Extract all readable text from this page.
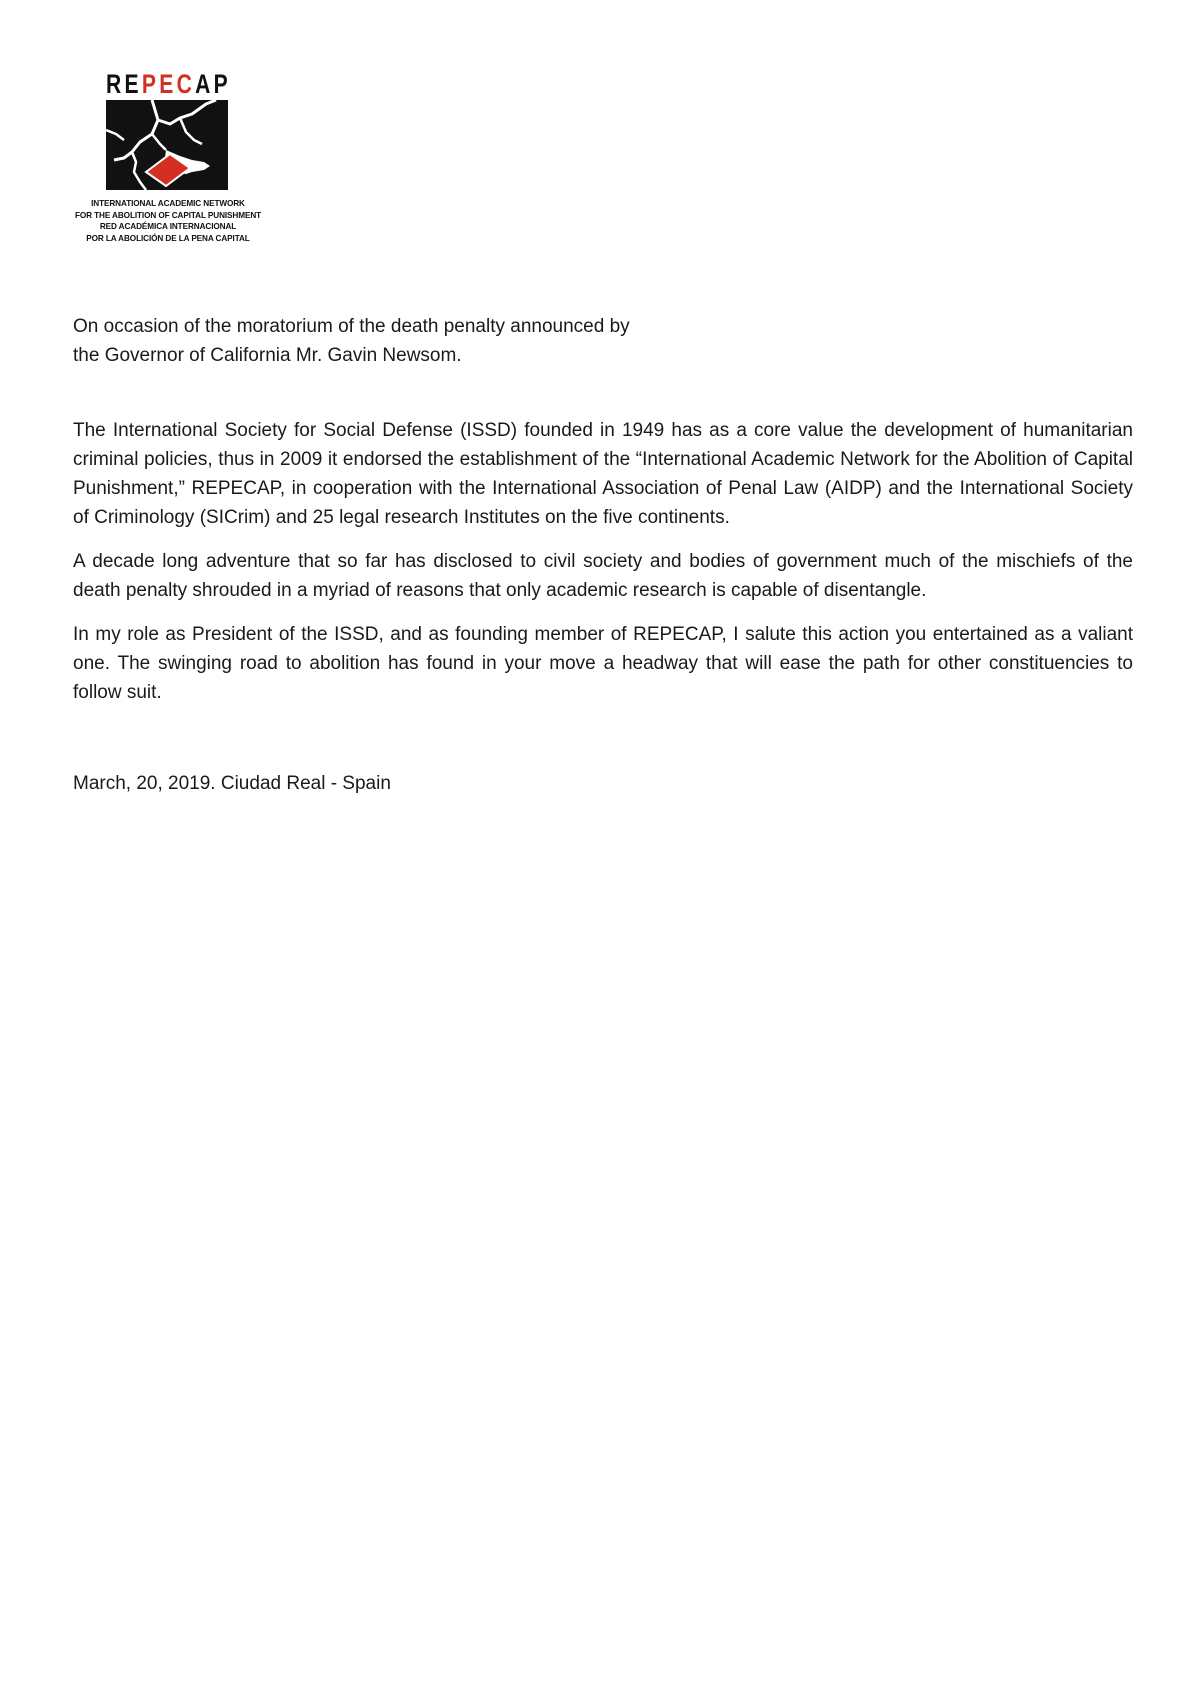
R E P E C A P
INTERNATIONAL ACADEMIC NETWORK
FOR THE ABOLITION OF CAPITAL PUNISHMENT
RED ACADÉMICA INTERNACIONAL
POR LA ABOLICIÓN DE LA PENA CAPITAL
On occasion of the moratorium of the death penalty announced by
the Governor of California Mr. Gavin Newsom.

The International Society for Social Defense (ISSD) founded in 1949 has as a core value the development of humanitarian criminal policies, thus in 2009 it endorsed the establishment of the “International Academic Network for the Abolition of Capital Punishment,” REPECAP, in cooperation with the International Association of Penal Law (AIDP) and the International Society of Criminology (SICrim) and 25 legal research Institutes on the five continents.

A decade long adventure that so far has disclosed to civil society and bodies of government much of the mischiefs of the death penalty shrouded in a myriad of reasons that only academic research is capable of disentangle.

In my role as President of the ISSD, and as founding member of REPECAP, I salute this action you entertained as a valiant one. The swinging road to abolition has found in your move a headway that will ease the path for other constituencies to follow suit.

March, 20, 2019. Ciudad Real - Spain
